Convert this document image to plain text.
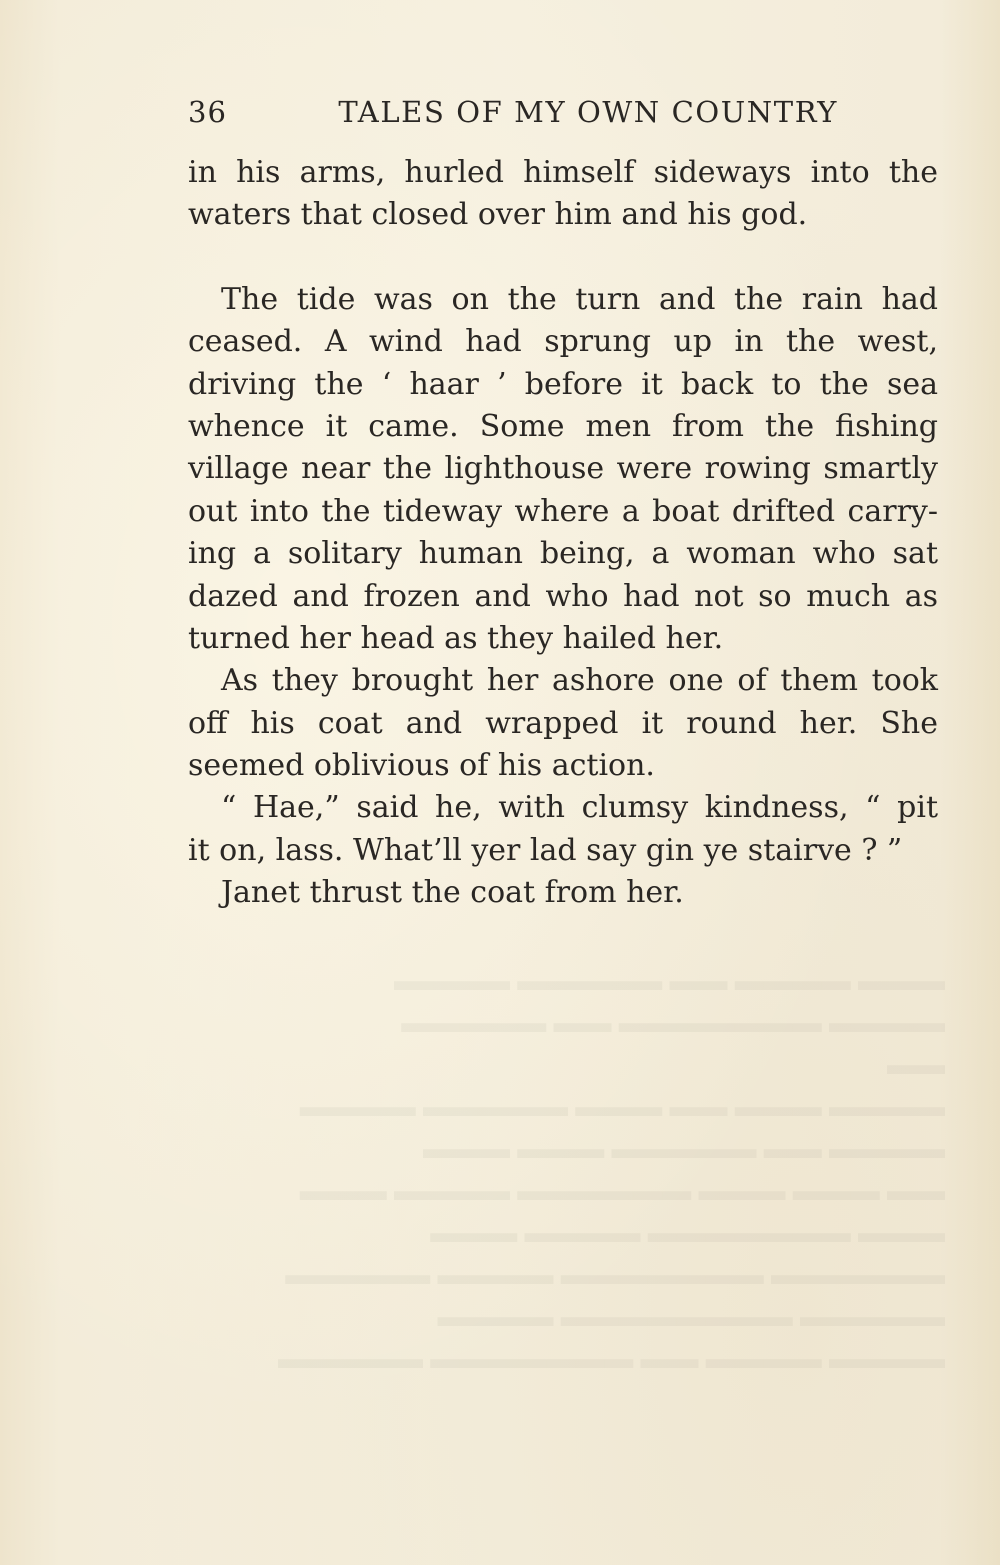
▬▬▬ ▬▬▬▬ ▬▬ ▬▬▬▬▬ ▬▬▬▬
▬▬▬▬ ▬▬▬▬▬▬▬ ▬▬ ▬▬▬▬▬
▬▬
▬▬▬▬ ▬▬▬ ▬▬ ▬▬▬ ▬▬▬▬▬ ▬▬▬▬
▬▬▬▬ ▬▬ ▬▬▬▬▬ ▬▬▬ ▬▬▬
▬▬ ▬▬▬ ▬▬▬ ▬▬▬▬▬▬ ▬▬▬▬ ▬▬▬
▬▬▬ ▬▬▬▬▬▬▬ ▬▬▬▬ ▬▬▬
▬▬▬▬▬▬ ▬▬▬▬▬▬▬ ▬▬▬▬ ▬▬▬▬▬
▬▬▬▬▬ ▬▬▬▬▬▬▬▬ ▬▬▬▬
▬▬▬▬ ▬▬▬▬ ▬▬ ▬▬▬▬▬▬▬ ▬▬▬▬▬
36	TALES OF MY OWN COUNTRY
in his arms, hurled himself sideways into the
waters that closed over him and his god.
The tide was on the turn and the rain had
ceased. A wind had sprung up in the west,
driving the ‘ haar ’ before it back to the sea
whence it came. Some men from the fishing
village near the lighthouse were rowing smartly
out into the tideway where a boat drifted carry-
ing a solitary human being, a woman who sat
dazed and frozen and who had not so much as
turned her head as they hailed her.
As they brought her ashore one of them took
off his coat and wrapped it round her. She
seemed oblivious of his action.
“ Hae,” said he, with clumsy kindness, “ pit
it on, lass. What’ll yer lad say gin ye stairve ? ”
Janet thrust the coat from her.
